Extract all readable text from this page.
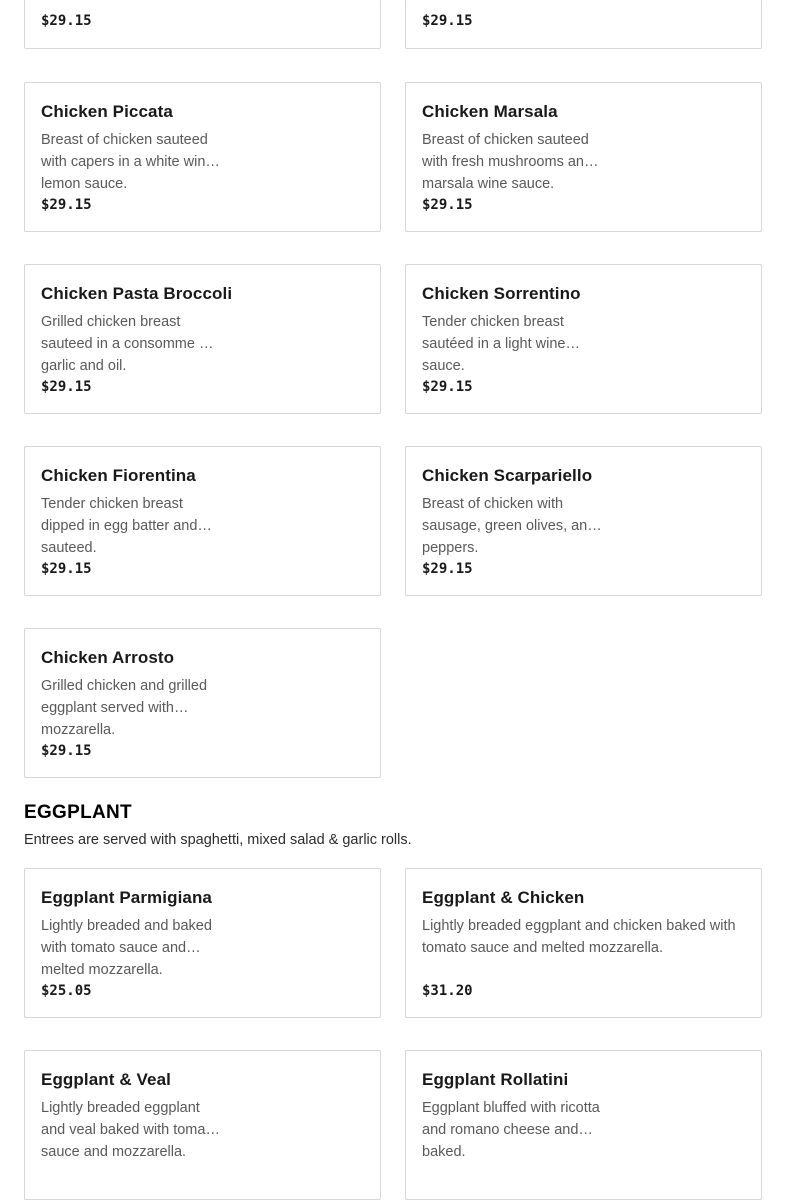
$29.15	$29.15
Chicken Piccata
Breast of chicken sauteed with capers in a white wine lemon sauce.
$29.15
Chicken Marsala
Breast of chicken sauteed with fresh mushrooms and marsala wine sauce.
$29.15
Chicken Pasta Broccoli
Grilled chicken breast sauteed in a consomme of garlic and oil.
$29.15
Chicken Sorrentino
Tender chicken breast sautéed in a light wine sauce.
$29.15
Chicken Fiorentina
Tender chicken breast dipped in egg batter and sauteed.
$29.15
Chicken Scarpariello
Breast of chicken with sausage, green olives, and peppers.
$29.15
Chicken Arrosto
Grilled chicken and grilled eggplant served with mozzarella.
$29.15
EGGPLANT

Entrees are served with spaghetti, mixed salad & garlic rolls.

Eggplant Parmigiana
Lightly breaded and baked with tomato sauce and melted mozzarella.
$25.05
Eggplant & Chicken
Lightly breaded eggplant and chicken baked with tomato sauce and melted mozzarella.
$31.20
Eggplant & Veal
Lightly breaded eggplant and veal baked with tomato sauce and mozzarella.
Eggplant Rollatini
Eggplant bluffed with ricotta and romano cheese and baked.
